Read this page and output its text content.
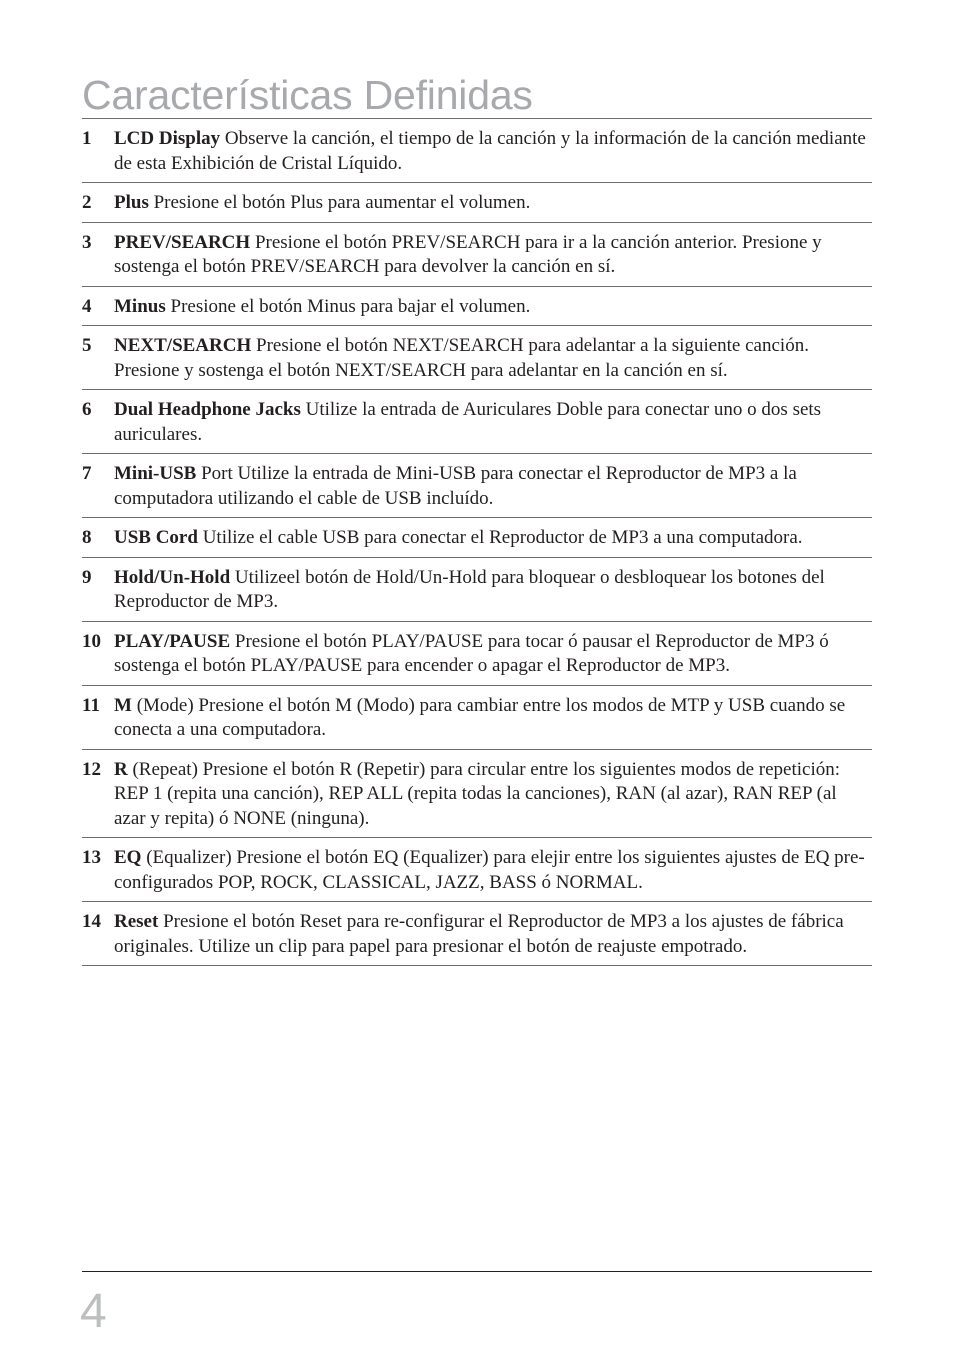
Características Definidas
1	LCD Display Observe la canción, el tiempo de la canción y la información de la canción mediante de esta Exhibición de Cristal Líquido.
2	Plus Presione el botón Plus para aumentar el volumen.
3	PREV/SEARCH Presione el botón PREV/SEARCH para ir a la canción anterior. Presione y sostenga el botón PREV/SEARCH para devolver la canción en sí.
4	Minus Presione el botón Minus para bajar el volumen.
5	NEXT/SEARCH Presione el botón NEXT/SEARCH para adelantar a la siguiente canción. Presione y sostenga el botón NEXT/SEARCH para adelantar en la canción en sí.
6	Dual Headphone Jacks Utilize la entrada de Auriculares Doble para conectar uno o dos sets auriculares.
7	Mini-USB Port Utilize la entrada de Mini-USB para conectar el Reproductor de MP3 a la computadora utilizando el cable de USB incluído.
8	USB Cord Utilize el cable USB para conectar el Reproductor de MP3 a una computadora.
9	Hold/Un-Hold Utilizeel botón de Hold/Un-Hold para bloquear o desbloquear los botones del Reproductor de MP3.
10 PLAY/PAUSE Presione el botón PLAY/PAUSE para tocar ó pausar el Reproductor de MP3 ó sostenga el botón PLAY/PAUSE para encender o apagar el Reproductor de MP3.
11 M (Mode) Presione el botón M (Modo) para cambiar entre los modos de MTP y USB cuando se conecta a una computadora.
12 R (Repeat) Presione el botón R (Repetir) para circular entre los siguientes modos de repetición: REP 1 (repita una canción), REP ALL (repita todas la canciones), RAN (al azar), RAN REP (al azar y repita) ó NONE (ninguna).
13 EQ (Equalizer) Presione el botón EQ (Equalizer) para elejir entre los siguientes ajustes de EQ pre-configurados POP, ROCK, CLASSICAL, JAZZ, BASS ó NORMAL.
14 Reset Presione el botón Reset para re-configurar el Reproductor de MP3 a los ajustes de fábrica originales. Utilize un clip para papel para presionar el botón de reajuste empotrado.
4
